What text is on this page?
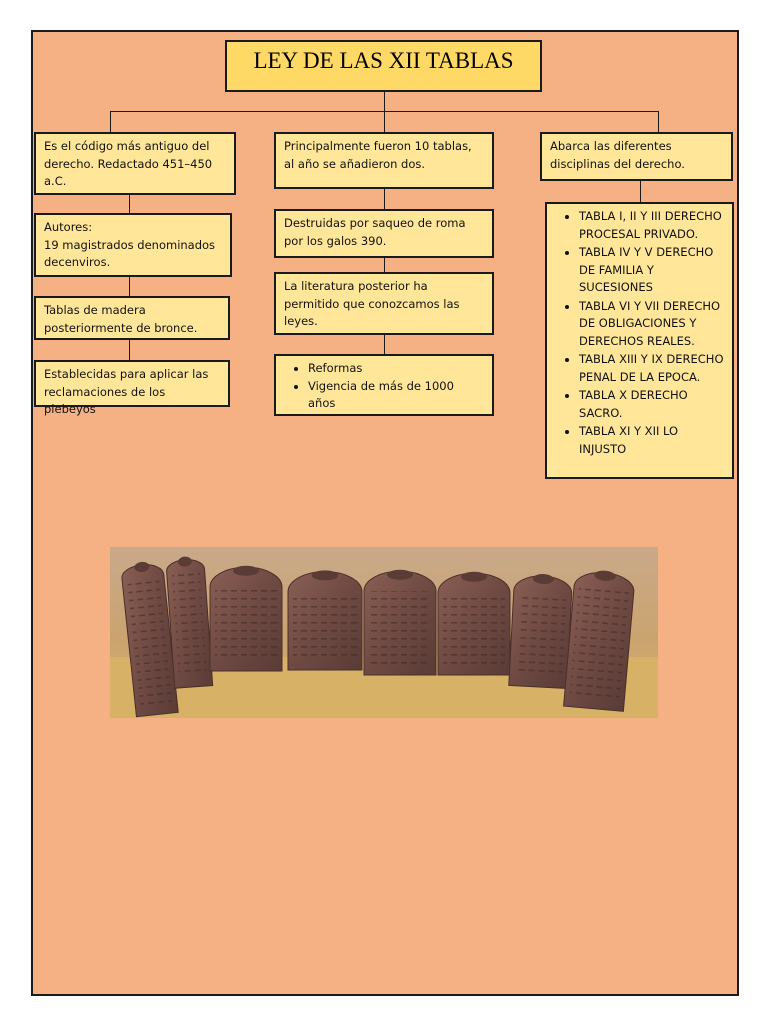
LEY DE LAS XII TABLAS
Es el código más antiguo del derecho. Redactado 451–450 a.C.
Autores:
19 magistrados denominados decenviros.
Tablas de madera posteriormente de bronce.
Establecidas para aplicar las reclamaciones de los plebeyos
Principalmente fueron 10 tablas, al año se añadieron dos.
Destruidas por saqueo de roma por los galos 390.
La literatura posterior ha permitido que conozcamos las leyes.
• Reformas
• Vigencia de más de 1000 años
Abarca las diferentes disciplinas del derecho.
• TABLA I, II Y III DERECHO PROCESAL PRIVADO.
• TABLA IV Y V DERECHO DE FAMILIA Y SUCESIONES
• TABLA VI Y VII DERECHO DE OBLIGACIONES Y DERECHOS REALES.
• TABLA XIII Y IX DERECHO PENAL DE LA EPOCA.
• TABLA X DERECHO SACRO.
• TABLA XI Y XII LO INJUSTO
